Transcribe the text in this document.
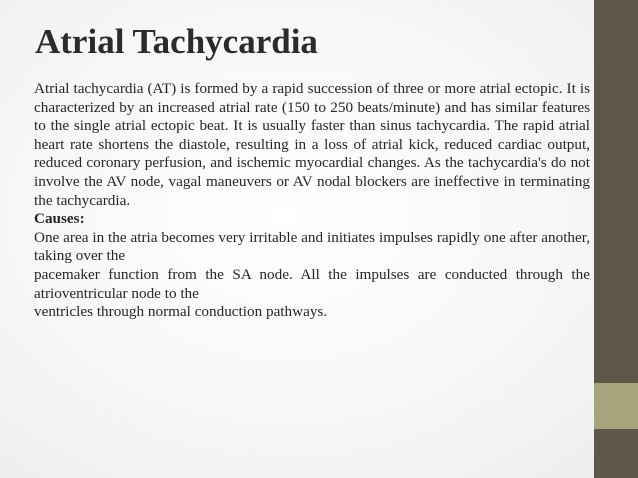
Atrial Tachycardia

Atrial tachycardia (AT) is formed by a rapid succession of three or more atrial ectopic. It is characterized by an increased atrial rate (150 to 250 beats/minute) and has similar features to the single atrial ectopic beat. It is usually faster than sinus tachycardia. The rapid atrial heart rate shortens the diastole, resulting in a loss of atrial kick, reduced cardiac output, reduced coronary perfusion, and ischemic myocardial changes. As the tachycardia's do not involve the AV node, vagal maneuvers or AV nodal blockers are ineffective in terminating the tachycardia.

Causes:

One area in the atria becomes very irritable and initiates impulses rapidly one after another, taking over the

pacemaker function from the SA node. All the impulses are conducted through the atrioventricular node to the

ventricles through normal conduction pathways.
